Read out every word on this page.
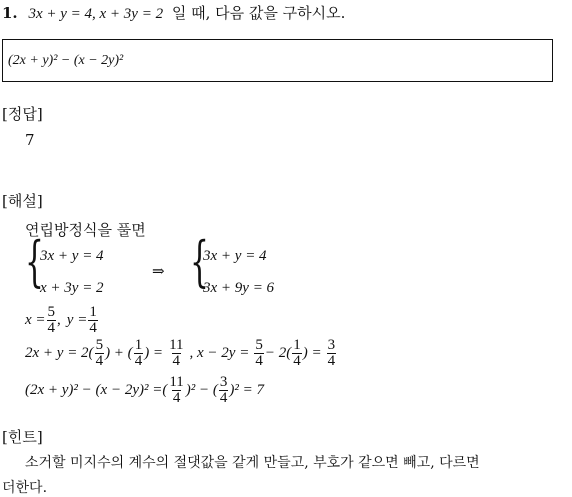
1. 3x + y = 4, x + 3y = 2 일 때, 다음 값을 구하시오.
(2x + y)² − (x − 2y)²
[정답]
7
[해설]
연립방정식을 풀면
{
3x + y = 4
x + 3y = 2
⇒ {
3x + y = 4
3x + 9y = 6
$x = \frac{5}{4}$ , $y = \frac{1}{4}$
$2x + y = 2( \frac{5}{4}$ ) + ( $\frac{1}{4}$ ) = $\frac{11}{4}$ , $x - 2y = \frac{5}{4} - 2( \frac{1}{4}$ ) = $\frac{3}{4}$
(2x + y)² − (x − 2y)² =( $\frac{11}{4} )^2$ − ( $\frac{3}{4} )^2 = 7$
[힌트]
소거할 미지수의 계수의 절댓값을 같게 만들고, 부호가 같으면 빼고, 다르면
더한다.
